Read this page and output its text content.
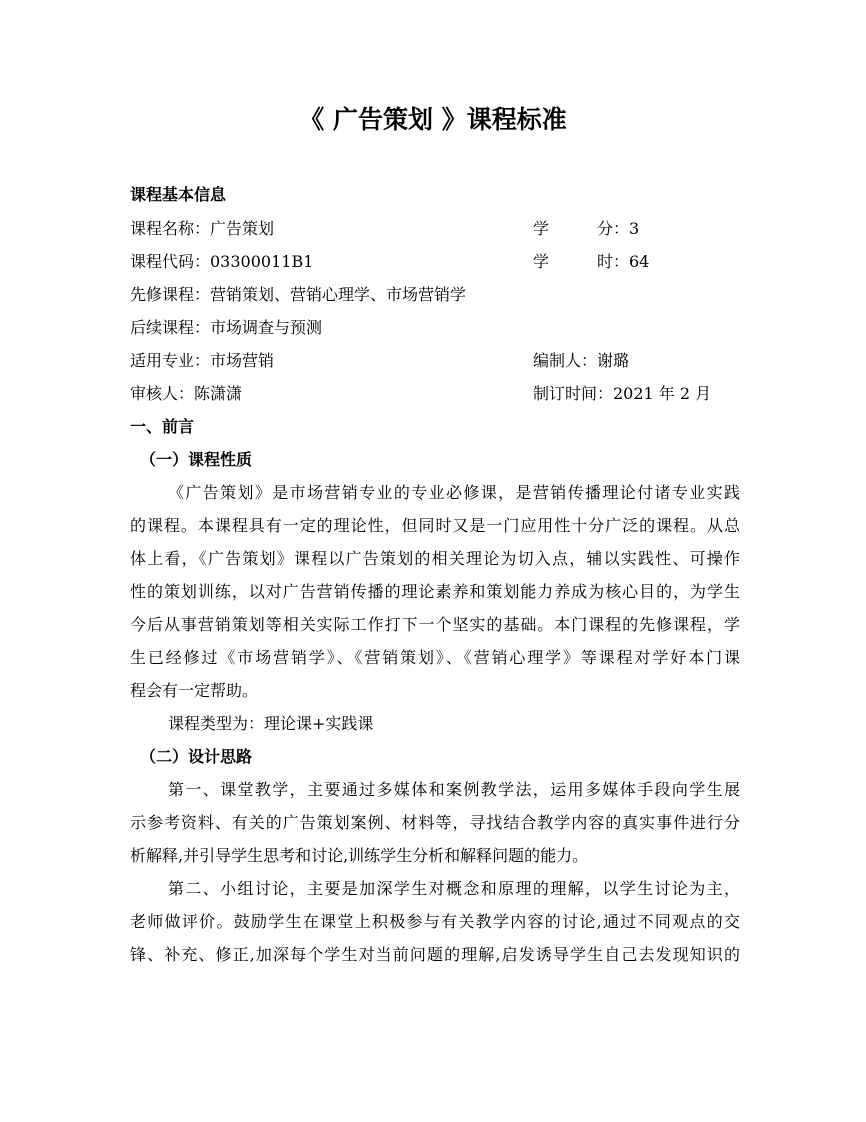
《 广告策划 》课程标准
课程基本信息
课程名称：广告策划	学　　　分：3
课程代码：03300011B1	学　　　时：64
先修课程：营销策划、营销心理学、市场营销学
后续课程：市场调查与预测
适用专业：市场营销	编制人：谢璐
审核人：陈潇潇	制订时间：2021 年 2 月
一、前言
（一）课程性质
《广告策划》是市场营销专业的专业必修课，是营销传播理论付诸专业实践
的课程。本课程具有一定的理论性，但同时又是一门应用性十分广泛的课程。从总
体上看，《广告策划》课程以广告策划的相关理论为切入点，辅以实践性、可操作
性的策划训练，以对广告营销传播的理论素养和策划能力养成为核心目的，为学生
今后从事营销策划等相关实际工作打下一个坚实的基础。本门课程的先修课程，学
生已经修过《市场营销学》、《营销策划》、《营销心理学》等课程对学好本门课
程会有一定帮助。
课程类型为：理论课+实践课
（二）设计思路
第一、课堂教学，主要通过多媒体和案例教学法，运用多媒体手段向学生展
示参考资料、有关的广告策划案例、材料等，寻找结合教学内容的真实事件进行分
析解释,并引导学生思考和讨论,训练学生分析和解释问题的能力。
第二、小组讨论，主要是加深学生对概念和原理的理解，以学生讨论为主，
老师做评价。鼓励学生在课堂上积极参与有关教学内容的讨论,通过不同观点的交
锋、补充、修正,加深每个学生对当前问题的理解,启发诱导学生自己去发现知识的
